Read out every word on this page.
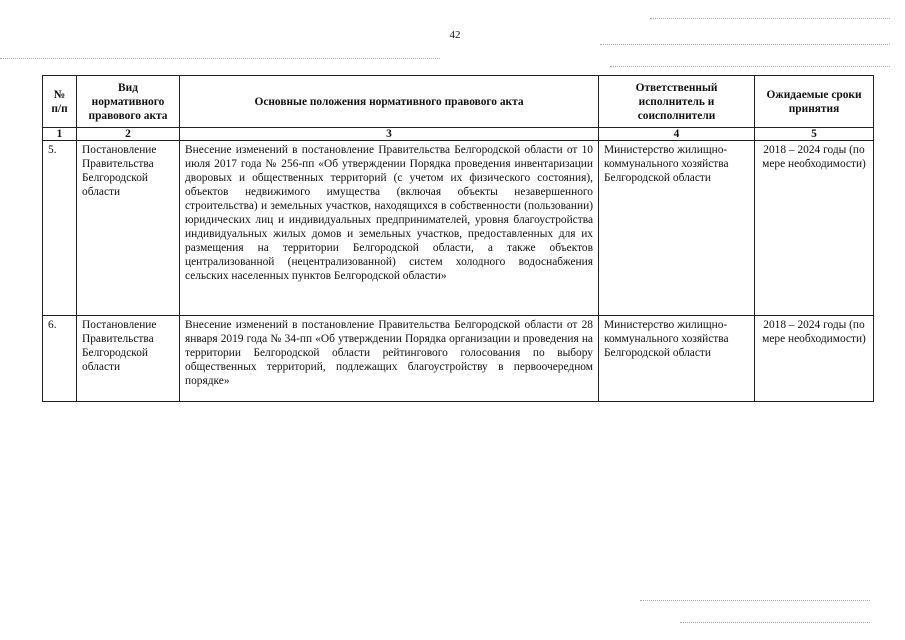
42
№ п/п	Вид нормативного правового акта	Основные положения нормативного правового акта	Ответственный исполнитель и соисполнители	Ожидаемые сроки принятия
1	2	3	4	5
5.	Постановление Правительства Белгородской области	Внесение изменений в постановление Правительства Белгородской области от 10 июля 2017 года № 256-пп «Об утверждении Порядка проведения инвентаризации дворовых и общественных территорий (с учетом их физического состояния), объектов недвижимого имущества (включая объекты незавершенного строительства) и земельных участков, находящихся в собственности (пользовании) юридических лиц и индивидуальных предпринимателей, уровня благоустройства индивидуальных жилых домов и земельных участков, предоставленных для их размещения на территории Белгородской области, а также объектов централизованной (нецентрализованной) систем холодного водоснабжения сельских населенных пунктов Белгородской области»	Министерство жилищно-коммунального хозяйства Белгородской области	2018 – 2024 годы (по мере необходимости)
6.	Постановление Правительства Белгородской области	Внесение изменений в постановление Правительства Белгородской области от 28 января 2019 года № 34-пп «Об утверждении Порядка организации и проведения на территории Белгородской области рейтингового голосования по выбору общественных территорий, подлежащих благоустройству в первоочередном порядке»	Министерство жилищно-коммунального хозяйства Белгородской области	2018 – 2024 годы (по мере необходимости)
